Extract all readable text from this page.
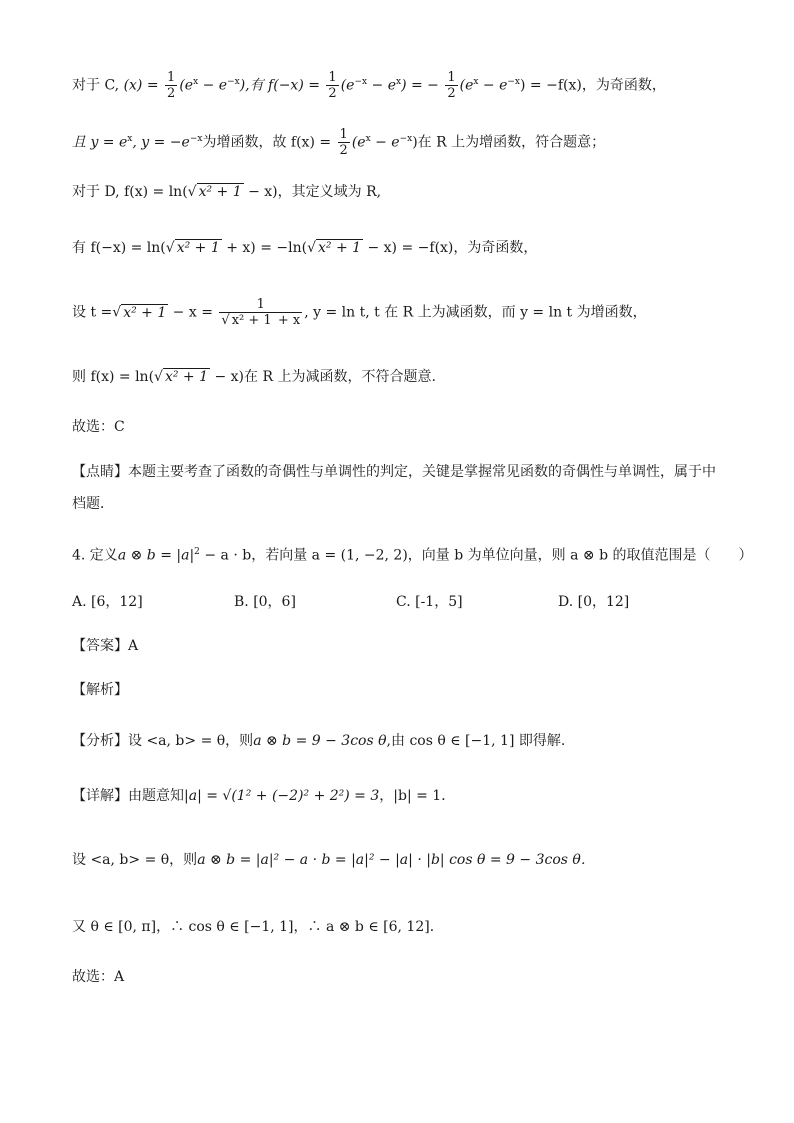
对于 C, $(x) = \frac{1}{2} (e^x - e^{-x})$,有 $f(-x) = \frac{1}{2} (e^{-x} - e^x)$ = − $\frac{1}{2} (e^x - e^{-x}) = -f(x)$，为奇函数，
且 $y = e^x$, $y = -e^{-x}$为增函数，故 $f(x) = \frac{1}{2} (e^x - e^{-x})$在 R 上为增函数，符合题意；
对于 D, f(x) = ln(√ x² + 1 − x)，其定义域为 R,
有 f(−x) = ln(√ x² + 1 + x) = −ln(√ x² + 1 − x) = −f(x)，为奇函数，
设 t =√ $x^2 + 1 - x = \frac{1}{\text{√ x² + 1 + x}}$ , y = ln t, t 在 R 上为减函数，而 y = ln t 为增函数，
则 f(x) = ln(√ x² + 1 − x)在 R 上为减函数，不符合题意.
故选：C
【点睛】本题主要考查了函数的奇偶性与单调性的判定，关键是掌握常见函数的奇偶性与单调性，属于中
档题．
4. 定义a ⊗ $b = |a|^2 - a \cdot b$，若向量 a = (1, −2, 2)，向量 b 为单位向量，则 a ⊗ b 的取值范围是（　　）
A. [6，12]	B. [0，6]	C. [-1，5]	D. [0，12]
【答案】A
【解析】
【分析】设 <a, b> = θ，则a ⊗ b = 9 − 3cos θ,由 cos θ ∈ [−1, 1] 即得解.
【详解】由题意知|a| = √(1² + (−2)² + 2²) = 3，|b| = 1．
设 <a, b> = θ，则a ⊗ b = |a|² − a · b = |a|² − |a| · |b| cos θ = 9 − 3cos θ．
又 θ ∈ [0, π]，∴ cos θ ∈ [−1, 1]，∴ a ⊗ b ∈ [6, 12]．
故选：A
